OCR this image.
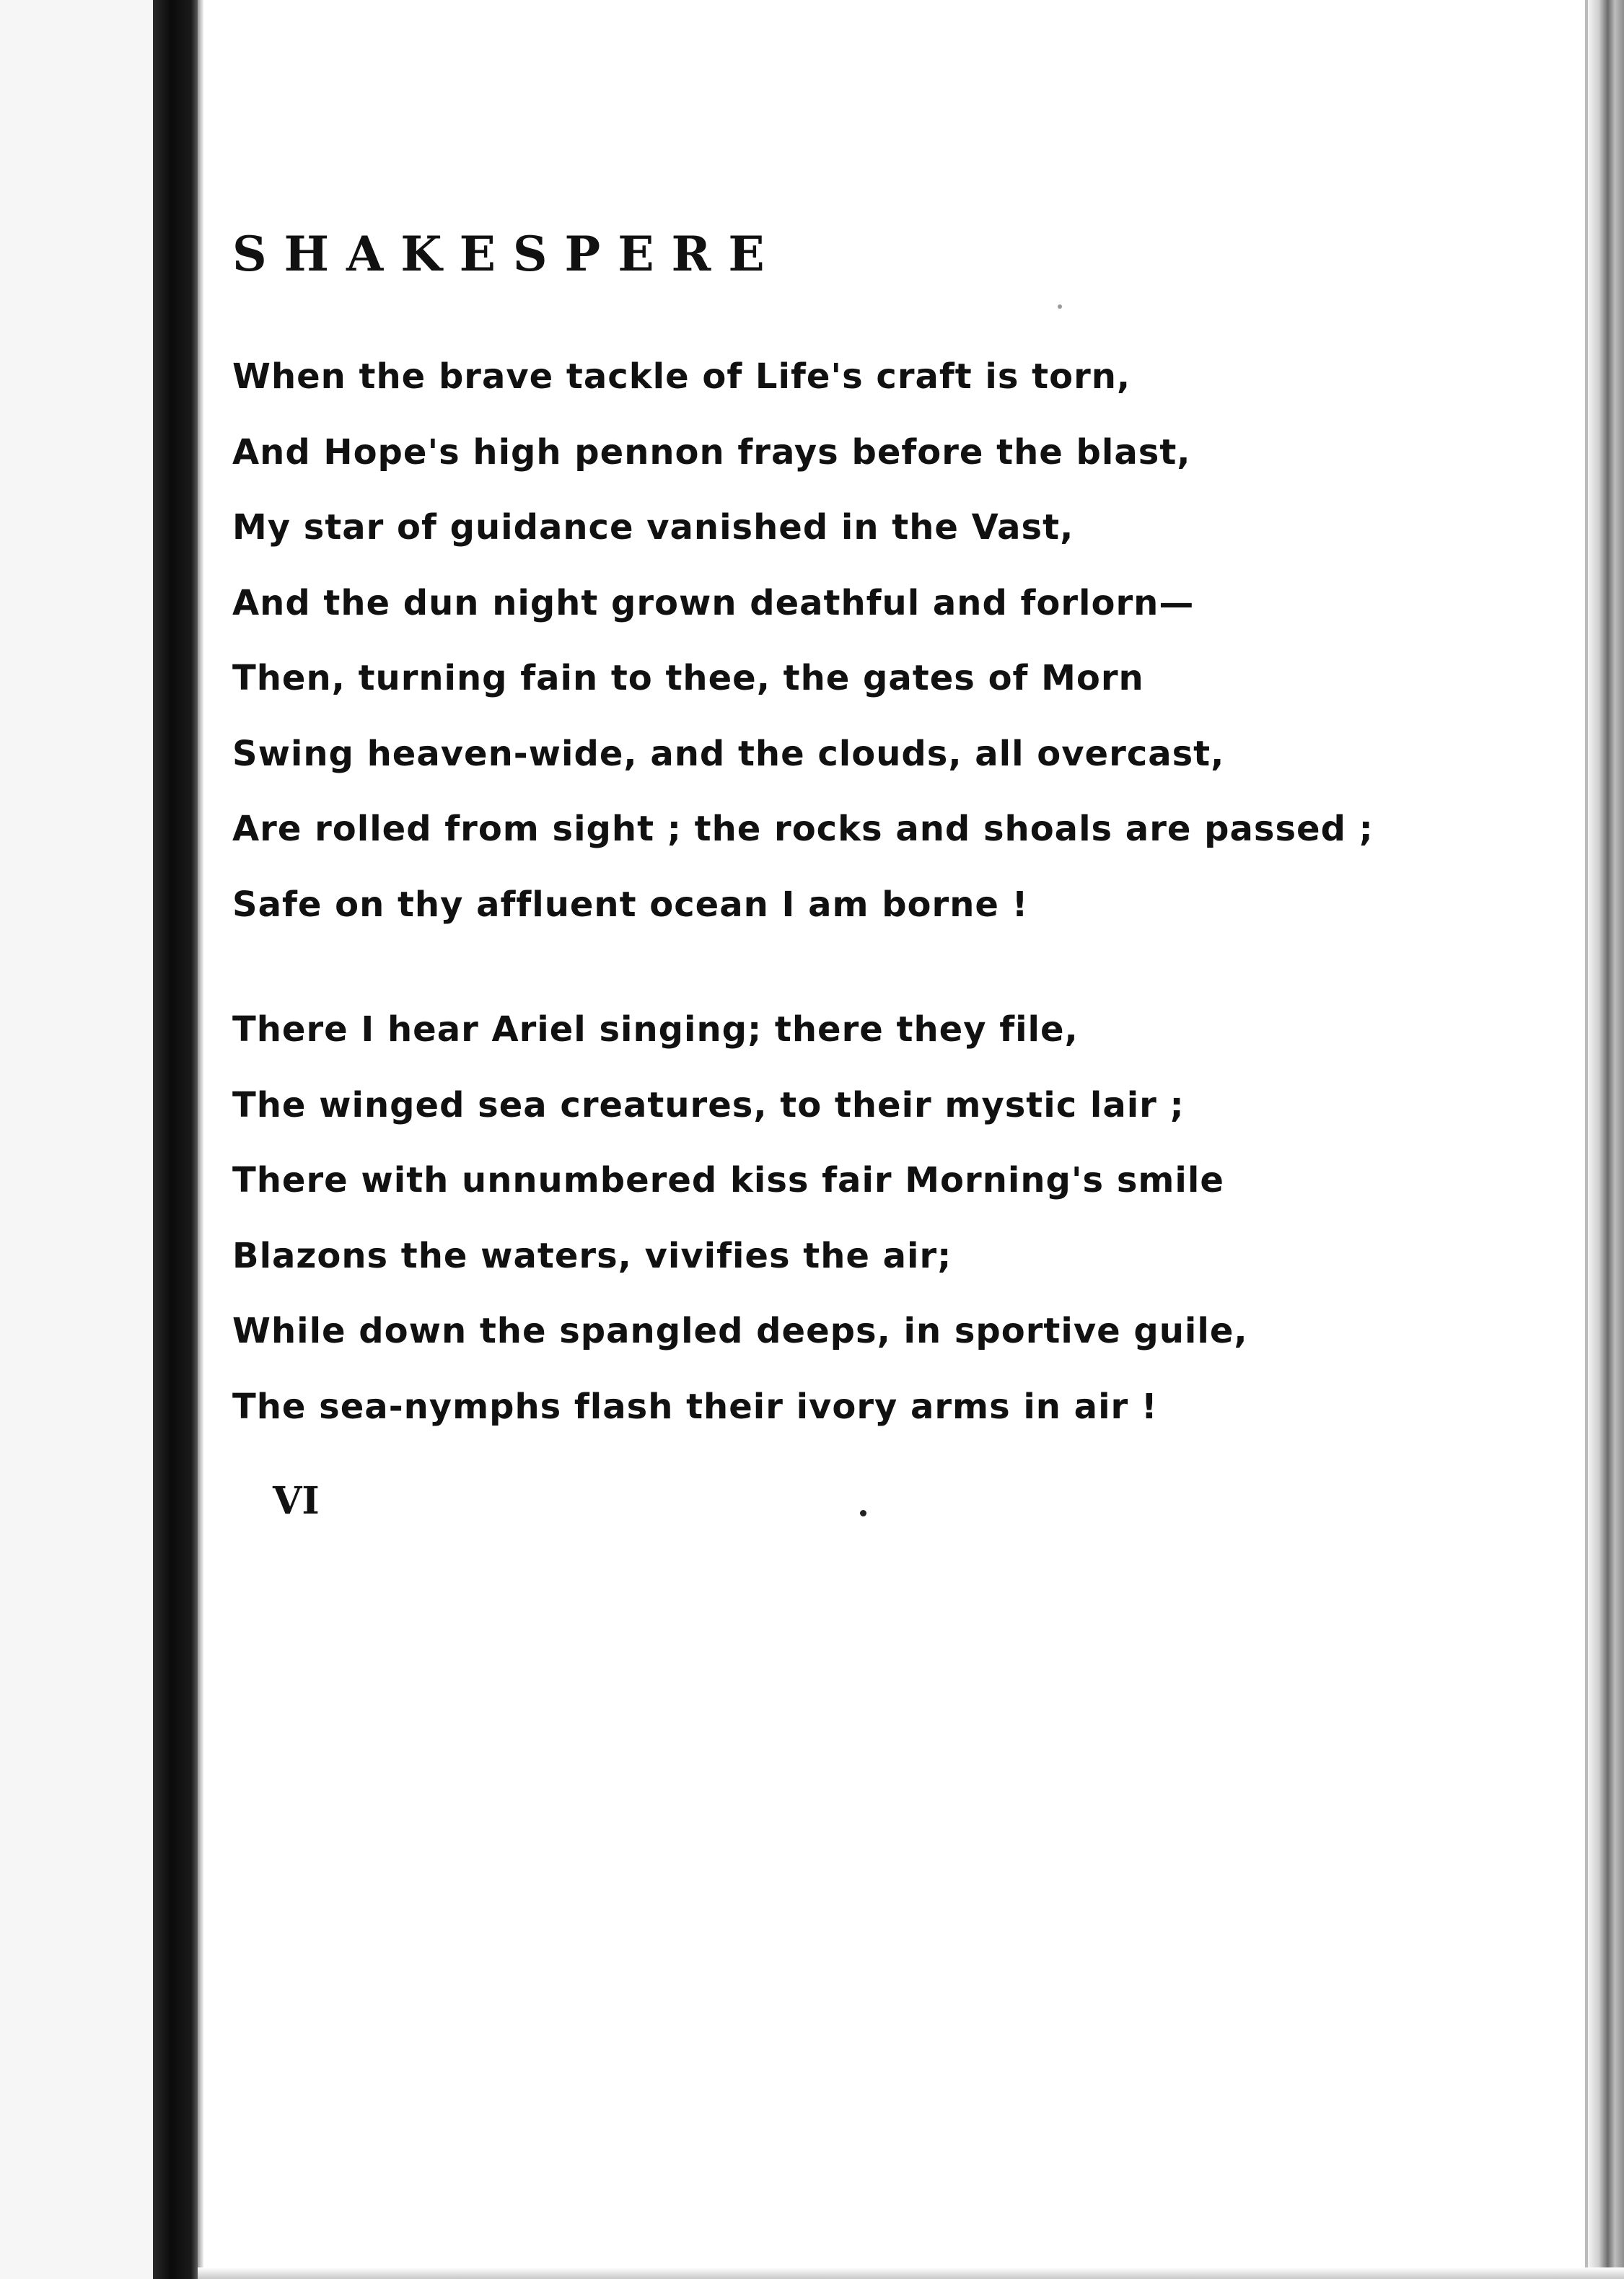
SHAKESPERE
When the brave tackle of Life's craft is torn,
And Hope's high pennon frays before the blast,
My star of guidance vanished in the Vast,
And the dun night grown deathful and forlorn—
Then, turning fain to thee, the gates of Morn
Swing heaven-wide, and the clouds, all overcast,
Are rolled from sight ; the rocks and shoals are passed ;
Safe on thy affluent ocean I am borne !
There I hear Ariel singing; there they file,
The winged sea creatures, to their mystic lair ;
There with unnumbered kiss fair Morning's smile
Blazons the waters, vivifies the air;
While down the spangled deeps, in sportive guile,
The sea-nymphs flash their ivory arms in air !
VI
